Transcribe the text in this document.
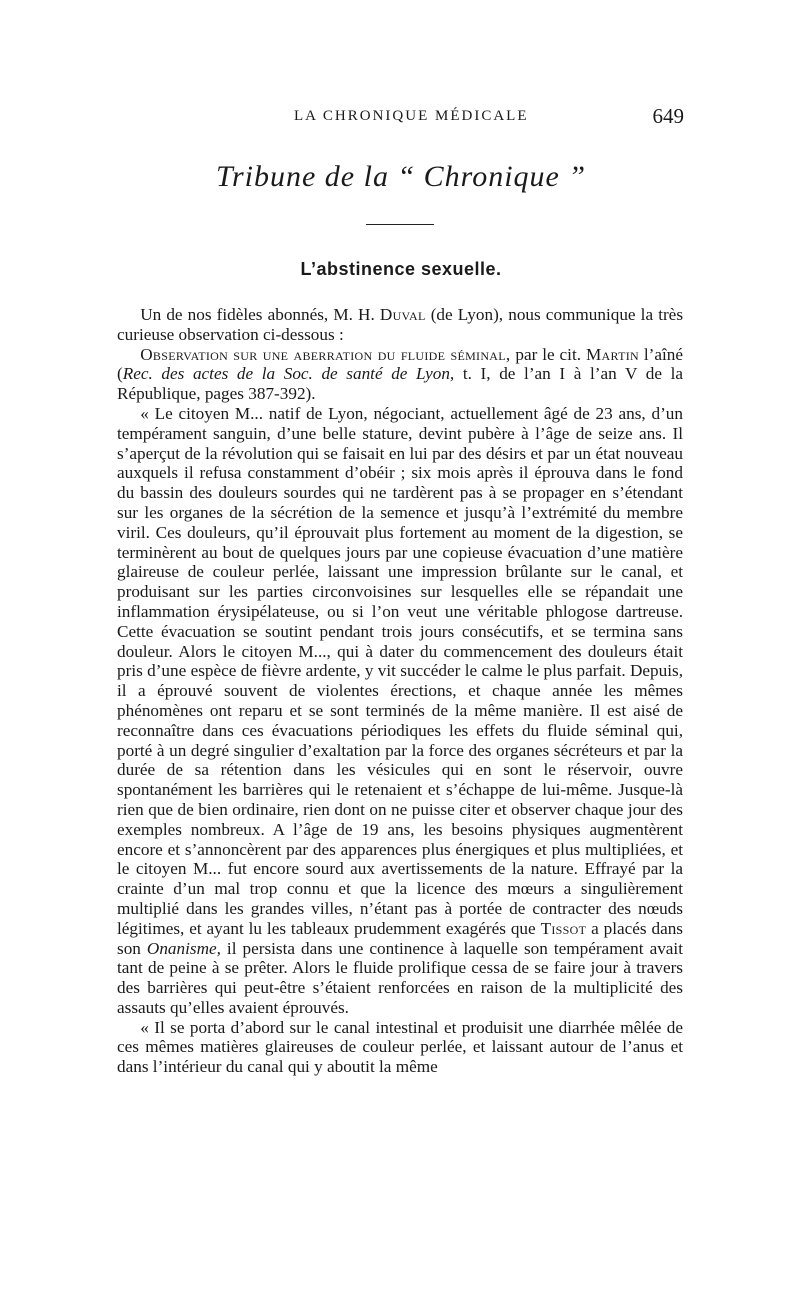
LA CHRONIQUE MÉDICALE	649
Tribune de la “ Chronique ”
L’abstinence sexuelle.

Un de nos fidèles abonnés, M. H. Duval (de Lyon), nous communique la très curieuse observation ci-dessous :

Observation sur une aberration du fluide séminal, par le cit. Martin l’aîné (Rec. des actes de la Soc. de santé de Lyon, t. I, de l’an I à l’an V de la République, pages 387-392).

« Le citoyen M... natif de Lyon, négociant, actuellement âgé de 23 ans, d’un tempérament sanguin, d’une belle stature, devint pubère à l’âge de seize ans. Il s’aperçut de la révolution qui se faisait en lui par des désirs et par un état nouveau auxquels il refusa constamment d’obéir ; six mois après il éprouva dans le fond du bassin des douleurs sourdes qui ne tardèrent pas à se propager en s’étendant sur les organes de la sécrétion de la semence et jusqu’à l’extrémité du membre viril. Ces douleurs, qu’il éprouvait plus fortement au moment de la digestion, se terminèrent au bout de quelques jours par une copieuse évacuation d’une matière glaireuse de couleur perlée, laissant une impression brûlante sur le canal, et produisant sur les parties circonvoisines sur lesquelles elle se répandait une inflammation érysipélateuse, ou si l’on veut une véritable phlogose dartreuse. Cette évacuation se soutint pendant trois jours consécutifs, et se termina sans douleur. Alors le citoyen M..., qui à dater du commencement des douleurs était pris d’une espèce de fièvre ardente, y vit succéder le calme le plus parfait. Depuis, il a éprouvé souvent de violentes érections, et chaque année les mêmes phénomènes ont reparu et se sont terminés de la même manière. Il est aisé de reconnaître dans ces évacuations périodiques les effets du fluide séminal qui, porté à un degré singulier d’exaltation par la force des organes sécréteurs et par la durée de sa rétention dans les vésicules qui en sont le réservoir, ouvre spontanément les barrières qui le retenaient et s’échappe de lui-même. Jusque-là rien que de bien ordinaire, rien dont on ne puisse citer et observer chaque jour des exemples nombreux. A l’âge de 19 ans, les besoins physiques augmentèrent encore et s’annoncèrent par des apparences plus énergiques et plus multipliées, et le citoyen M... fut encore sourd aux avertissements de la nature. Effrayé par la crainte d’un mal trop connu et que la licence des mœurs a singulièrement multiplié dans les grandes villes, n’étant pas à portée de contracter des nœuds légitimes, et ayant lu les tableaux prudemment exagérés que Tissot a placés dans son Onanisme, il persista dans une continence à laquelle son tempérament avait tant de peine à se prêter. Alors le fluide prolifique cessa de se faire jour à travers des barrières qui peut-être s’étaient renforcées en raison de la multiplicité des assauts qu’elles avaient éprouvés.

« Il se porta d’abord sur le canal intestinal et produisit une diarrhée mêlée de ces mêmes matières glaireuses de couleur perlée, et laissant autour de l’anus et dans l’intérieur du canal qui y aboutit la même
